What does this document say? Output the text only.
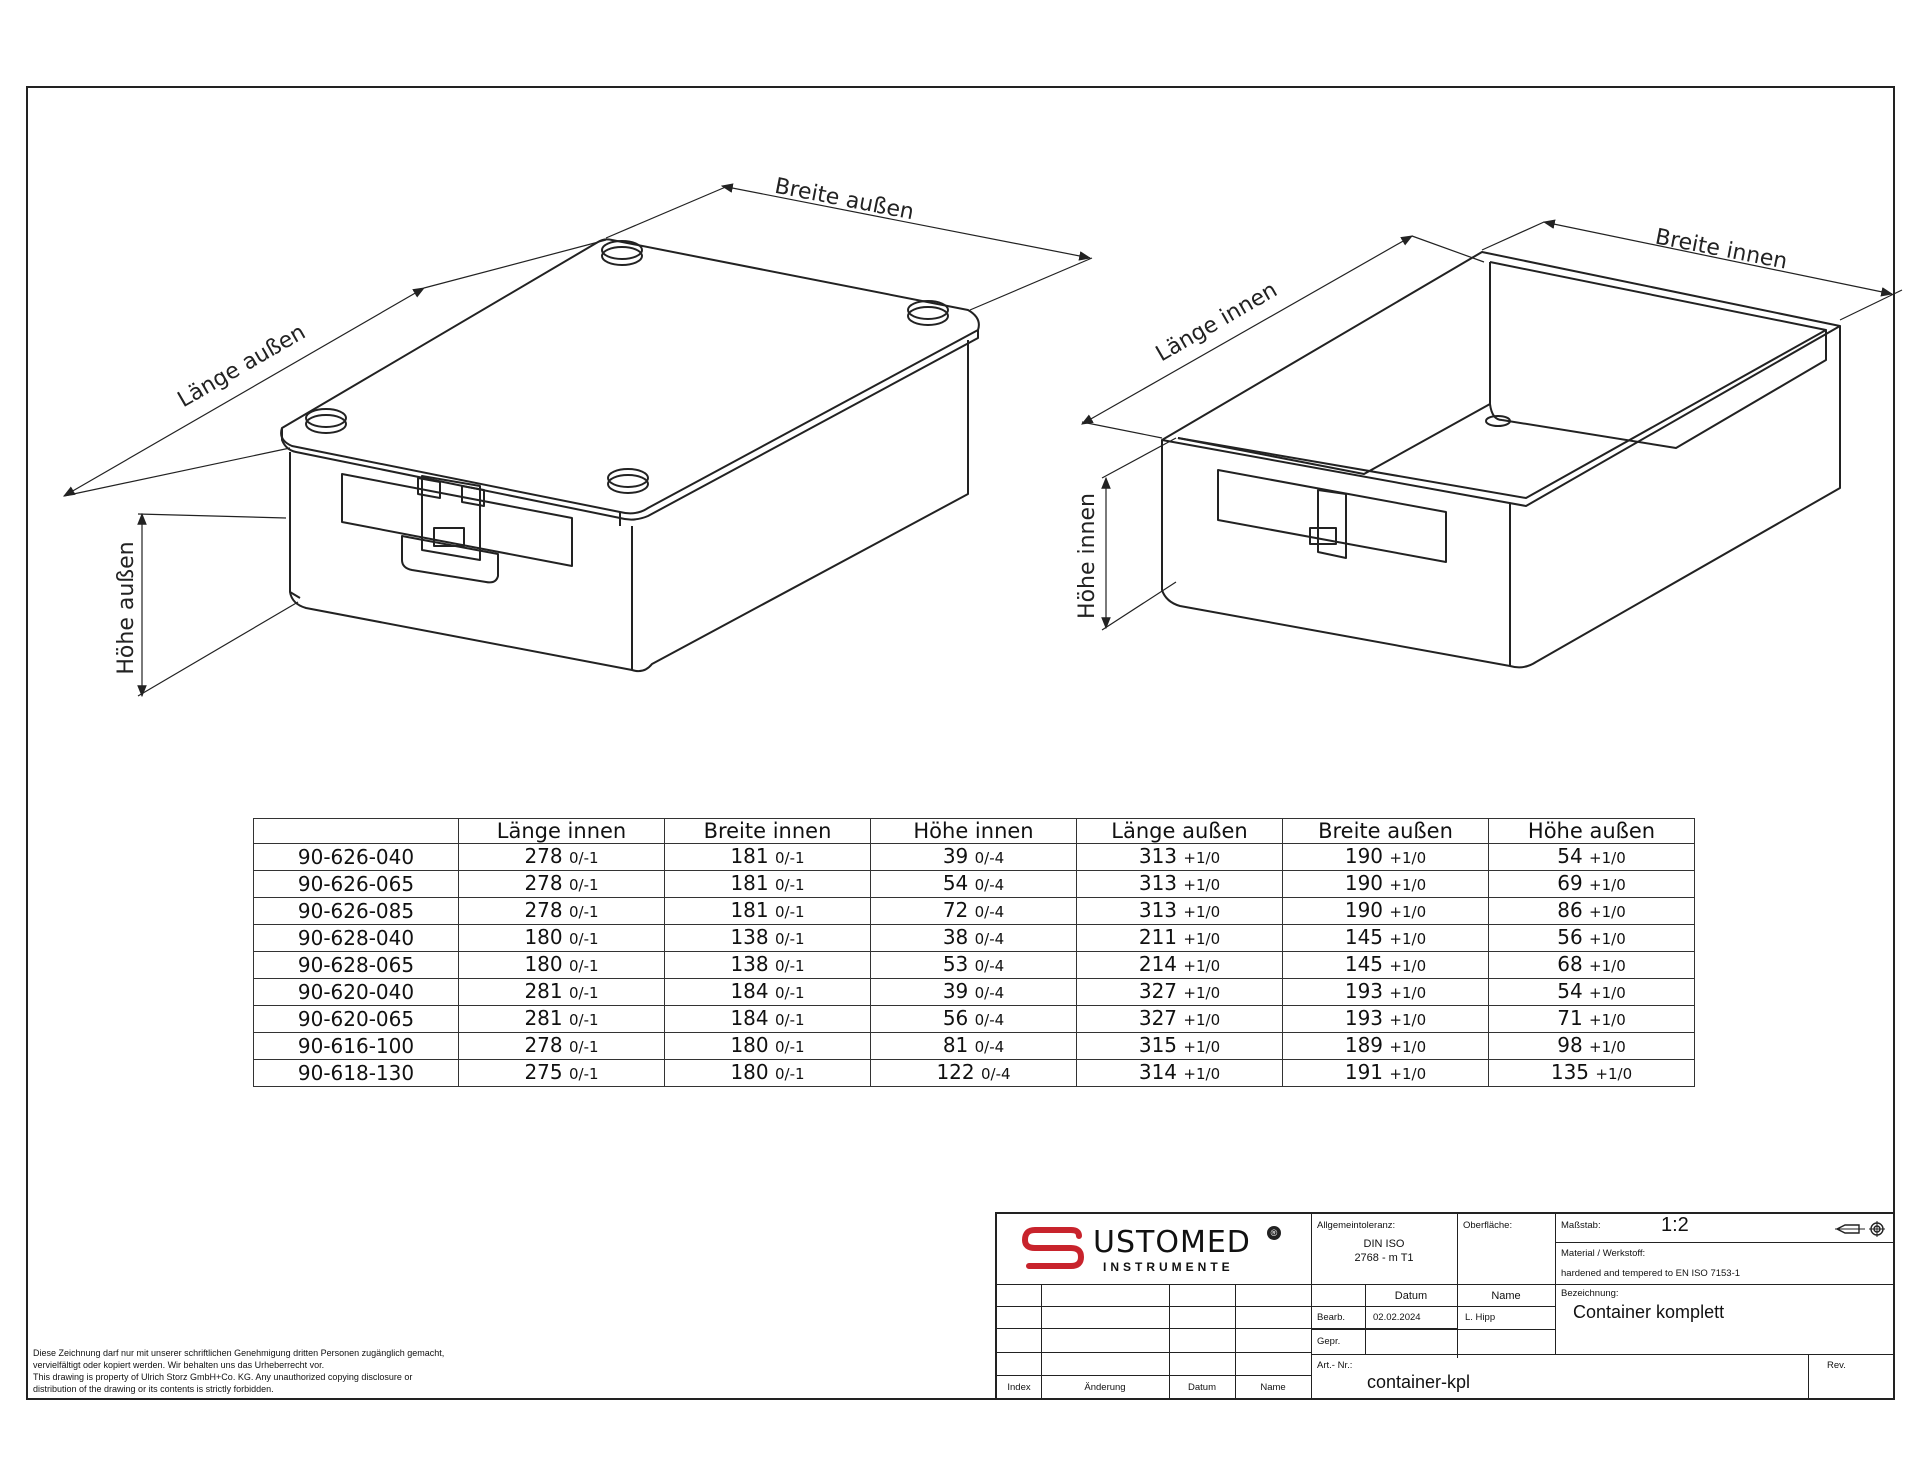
Breite außen
Länge außen
Höhe außen
Breite innen
Länge innen
Höhe innen
	Länge innen	Breite innen	Höhe innen	Länge außen	Breite außen	Höhe außen
90-626-040	278 0/-1	181 0/-1	39 0/-4	313 +1/0	190 +1/0	54 +1/0
90-626-065	278 0/-1	181 0/-1	54 0/-4	313 +1/0	190 +1/0	69 +1/0
90-626-085	278 0/-1	181 0/-1	72 0/-4	313 +1/0	190 +1/0	86 +1/0
90-628-040	180 0/-1	138 0/-1	38 0/-4	211 +1/0	145 +1/0	56 +1/0
90-628-065	180 0/-1	138 0/-1	53 0/-4	214 +1/0	145 +1/0	68 +1/0
90-620-040	281 0/-1	184 0/-1	39 0/-4	327 +1/0	193 +1/0	54 +1/0
90-620-065	281 0/-1	184 0/-1	56 0/-4	327 +1/0	193 +1/0	71 +1/0
90-616-100	278 0/-1	180 0/-1	81 0/-4	315 +1/0	189 +1/0	98 +1/0
90-618-130	275 0/-1	180 0/-1	122 0/-4	314 +1/0	191 +1/0	135 +1/0
Diese Zeichnung darf nur mit unserer schriftlichen Genehmigung dritten Personen zugänglich gemacht, vervielfältigt oder kopiert werden. Wir behalten uns das Urheberrecht vor.
This drawing is property of Ulrich Storz GmbH+Co. KG. Any unauthorized copying disclosure or distribution of the drawing or its contents is strictly forbidden.
USTOMED	®
INSTRUMENTE
Allgemeintoleranz:
DIN ISO
2768 - m T1
Oberfläche:	Maßstab:	1:2
Material / Werkstoff:
hardened and tempered to EN ISO 7153-1
Datum	Name
Bearb.	02.02.2024	L. Hipp
Gepr.
Bezeichnung:
Container komplett
Art.- Nr.:
container-kpl
Rev.
Index	Änderung	Datum	Name
